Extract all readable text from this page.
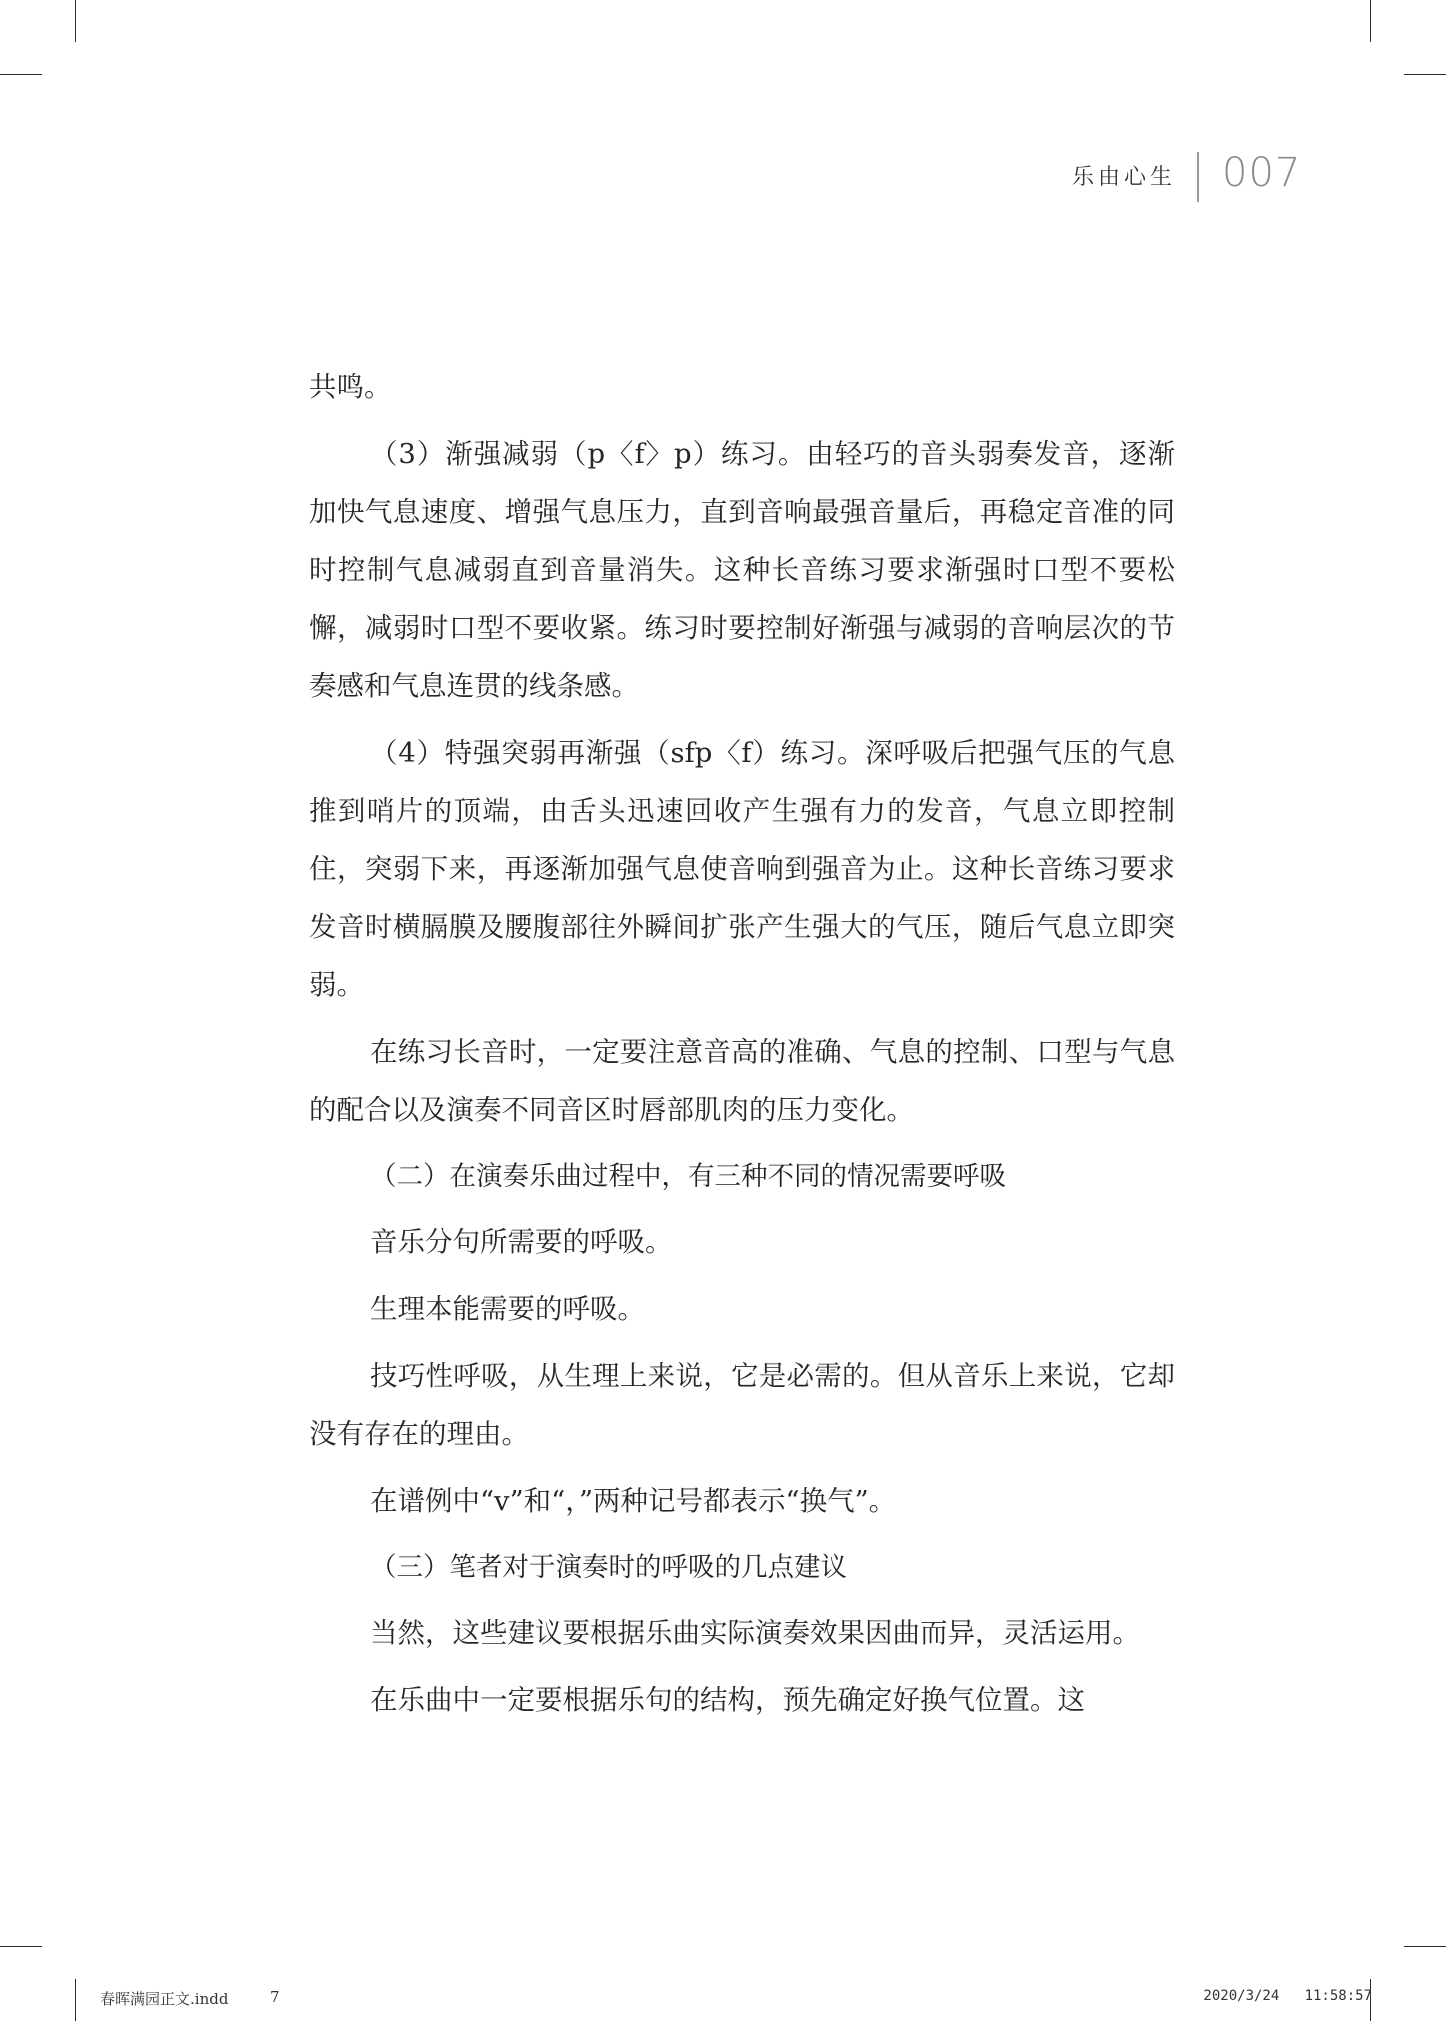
乐由心生 007

共鸣。

（3）渐强减弱（p〈f〉p）练习。由轻巧的音头弱奏发音，逐渐加快气息速度、增强气息压力，直到音响最强音量后，再稳定音准的同时控制气息减弱直到音量消失。这种长音练习要求渐强时口型不要松懈，减弱时口型不要收紧。练习时要控制好渐强与减弱的音响层次的节奏感和气息连贯的线条感。

（4）特强突弱再渐强（sfp〈f）练习。深呼吸后把强气压的气息推到哨片的顶端，由舌头迅速回收产生强有力的发音，气息立即控制住，突弱下来，再逐渐加强气息使音响到强音为止。这种长音练习要求发音时横膈膜及腰腹部往外瞬间扩张产生强大的气压，随后气息立即突弱。

在练习长音时，一定要注意音高的准确、气息的控制、口型与气息的配合以及演奏不同音区时唇部肌肉的压力变化。

（二）在演奏乐曲过程中，有三种不同的情况需要呼吸

音乐分句所需要的呼吸。

生理本能需要的呼吸。

技巧性呼吸，从生理上来说，它是必需的。但从音乐上来说，它却没有存在的理由。

在谱例中“v”和“，”两种记号都表示“换气”。

（三）笔者对于演奏时的呼吸的几点建议

当然，这些建议要根据乐曲实际演奏效果因曲而异，灵活运用。

在乐曲中一定要根据乐句的结构，预先确定好换气位置。这

春晖满园正文.indd	7	2020/3/24   11:58:57
